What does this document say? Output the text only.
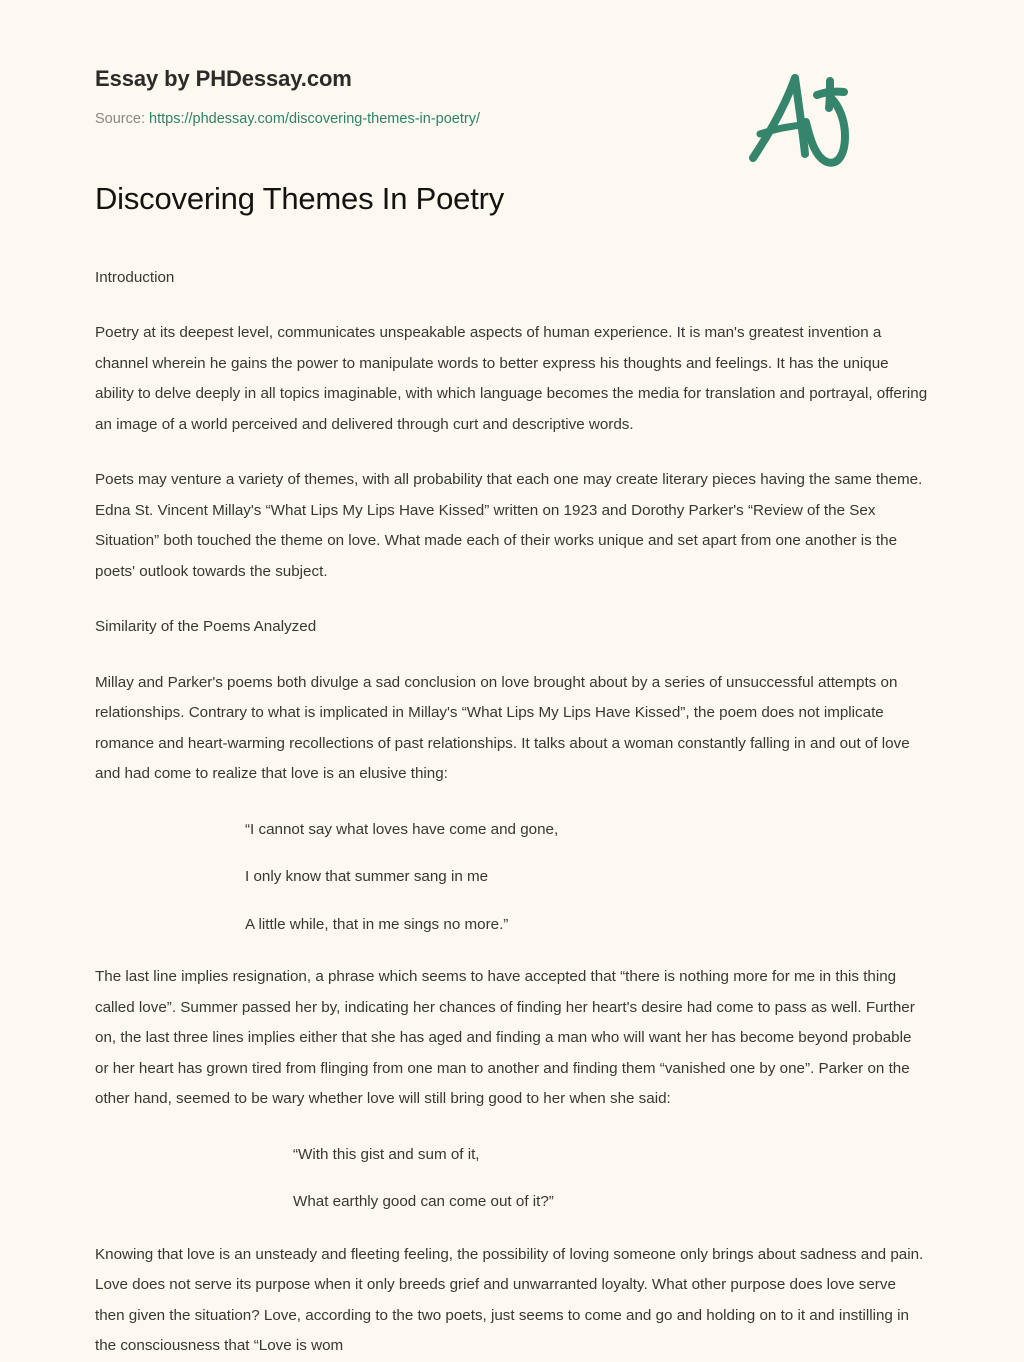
Essay by PHDessay.com
Source: https://phdessay.com/discovering-themes-in-poetry/
Discovering Themes In Poetry

Introduction

Poetry at its deepest level, communicates unspeakable aspects of human experience. It is man's greatest invention a channel wherein he gains the power to manipulate words to better express his thoughts and feelings. It has the unique ability to delve deeply in all topics imaginable, with which language becomes the media for translation and portrayal, offering an image of a world perceived and delivered through curt and descriptive words.

Poets may venture a variety of themes, with all probability that each one may create literary pieces having the same theme. Edna St. Vincent Millay's “What Lips My Lips Have Kissed” written on 1923 and Dorothy Parker's “Review of the Sex Situation” both touched the theme on love. What made each of their works unique and set apart from one another is the poets' outlook towards the subject.

Similarity of the Poems Analyzed

Millay and Parker's poems both divulge a sad conclusion on love brought about by a series of unsuccessful attempts on relationships. Contrary to what is implicated in Millay's “What Lips My Lips Have Kissed”, the poem does not implicate romance and heart-warming recollections of past relationships. It talks about a woman constantly falling in and out of love and had come to realize that love is an elusive thing:

“I cannot say what loves have come and gone,

I only know that summer sang in me

A little while, that in me sings no more.”

The last line implies resignation, a phrase which seems to have accepted that “there is nothing more for me in this thing called love”. Summer passed her by, indicating her chances of finding her heart's desire had come to pass as well. Further on, the last three lines implies either that she has aged and finding a man who will want her has become beyond probable or her heart has grown tired from flinging from one man to another and finding them “vanished one by one”. Parker on the other hand, seemed to be wary whether love will still bring good to her when she said:

“With this gist and sum of it,

What earthly good can come out of it?”

Knowing that love is an unsteady and fleeting feeling, the possibility of loving someone only brings about sadness and pain. Love does not serve its purpose when it only breeds grief and unwarranted loyalty. What other purpose does love serve then given the situation? Love, according to the two poets, just seems to come and go and holding on to it and instilling in the consciousness that “Love is wom
